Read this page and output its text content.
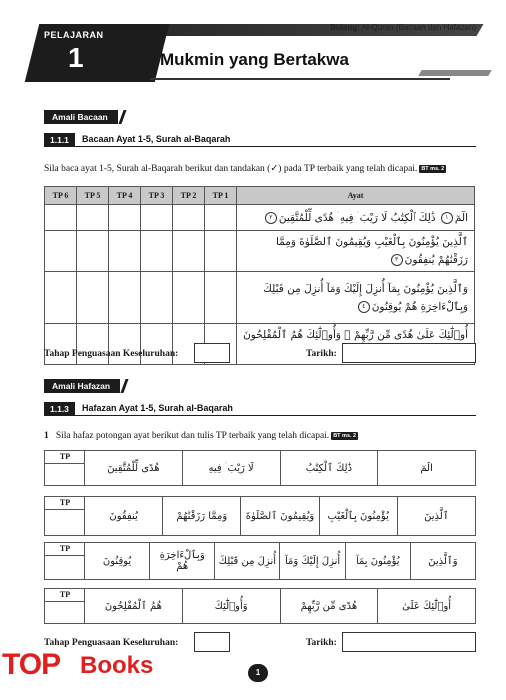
Bidang: Al-Quran (Bacaan dan Hafazan)
PELAJARAN
1	Mukmin yang Bertakwa
Amali Bacaan
1.1.1	Bacaan Ayat 1-5, Surah al-Baqarah
Sila baca ayat 1-5, Surah al-Baqarah berikut dan tandakan (✓) pada TP terbaik yang telah dicapai. BT ms. 2
TP 6	TP 5	TP 4	TP 3	TP 2	TP 1	Ayat
						الٓمٓ١ ذَٰلِكَ ٱلْكِتَٰبُ لَا رَيْبَ ۛ فِيهِ ۛ هُدًى لِّلْمُتَّقِينَ٢
						ٱلَّذِينَ يُؤْمِنُونَ بِٱلْغَيْبِ وَيُقِيمُونَ ٱلصَّلَوٰةَ وَمِمَّا رَزَقْنَٰهُمْ يُنفِقُونَ٣
						وَٱلَّذِينَ يُؤْمِنُونَ بِمَآ أُنزِلَ إِلَيْكَ وَمَآ أُنزِلَ مِن قَبْلِكَ وَبِٱلْءَاخِرَةِ هُمْ يُوقِنُونَ٤
						أُو۟لَٰٓئِكَ عَلَىٰ هُدًى مِّن رَّبِّهِمْ ۖ وَأُو۟لَٰٓئِكَ هُمُ ٱلْمُفْلِحُونَ
Tahap Penguasaan Keseluruhan:	Tarikh:
Amali Hafazan
1.1.3	Hafazan Ayat 1-5, Surah al-Baqarah
1 Sila hafaz potongan ayat berikut dan tulis TP terbaik yang telah dicapai. BT ms. 2
TP
الٓمٓ
ذَٰلِكَ ٱلْكِتَٰبُ
لَا رَيْبَ ۛ فِيهِ
هُدًى لِّلْمُتَّقِينَ
TP
ٱلَّذِينَ
يُؤْمِنُونَ بِٱلْغَيْبِ
وَيُقِيمُونَ ٱلصَّلَوٰةَ
وَمِمَّا رَزَقْنَٰهُمْ
يُنفِقُونَ
TP
وَٱلَّذِينَ
يُؤْمِنُونَ بِمَآ
أُنزِلَ إِلَيْكَ وَمَآ
أُنزِلَ مِن قَبْلِكَ
وَبِٱلْءَاخِرَةِ هُمْ
يُوقِنُونَ
TP
أُو۟لَٰٓئِكَ عَلَىٰ
هُدًى مِّن رَّبِّهِمْ
وَأُو۟لَٰٓئِكَ
هُمُ ٱلْمُفْلِحُونَ
Tahap Penguasaan Keseluruhan:	Tarikh:
1
TOP Books
